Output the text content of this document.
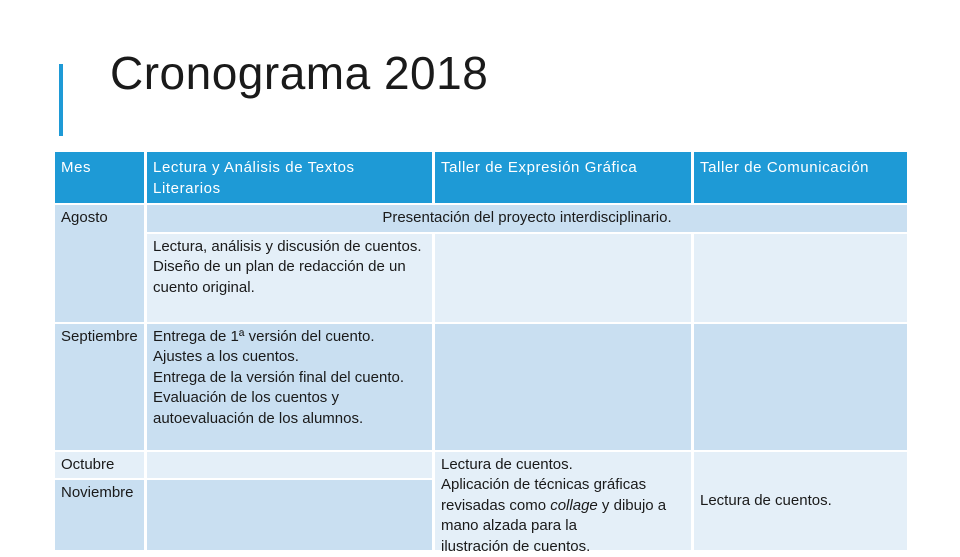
Cronograma 2018
Mes	Lectura y Análisis de Textos Literarios	Taller de Expresión Gráfica	Taller de Comunicación
Agosto	Presentación del proyecto interdisciplinario.		

	Lectura, análisis y discusión de cuentos.
Diseño de un plan de redacción de un cuento original.		

Septiembre	Entrega de 1ª versión del cuento.
Ajustes a los cuentos.
Entrega de la versión final del cuento.
Evaluación de los cuentos y autoevaluación de los alumnos.		

Octubre		Lectura de cuentos.
Aplicación de técnicas gráficas revisadas como collage y dibujo a mano alzada para la
ilustración de cuentos.	Lectura de cuentos.
Noviembre			
